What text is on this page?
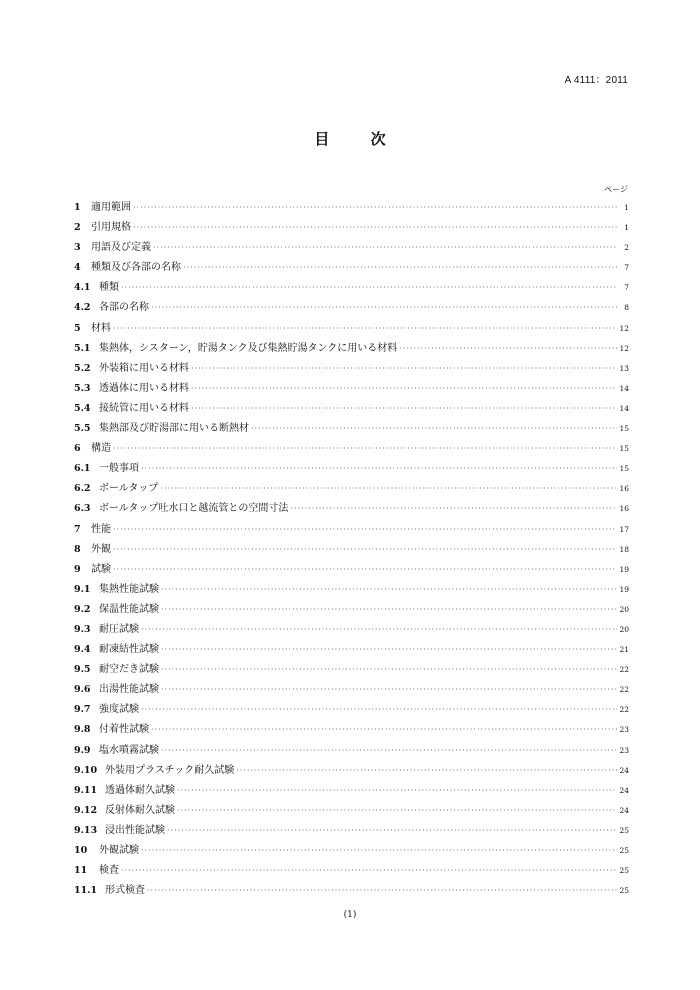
A 4111：2011
目 次
ページ
1	適用範囲 ·····	1
2	引用規格 ·····	1
3	用語及び定義 ·····	2
4	種類及び各部の名称 ·····	7
4.1 種類 ·····	7
4.2 各部の名称 ·····	8
5	材料 ·····	12
5.1 集熱体，シスターン，貯湯タンク及び集熱貯湯タンクに用いる材料 ·····	12
5.2 外装箱に用いる材料 ·····	13
5.3 透過体に用いる材料 ·····	14
5.4 接続管に用いる材料 ·····	14
5.5 集熱部及び貯湯部に用いる断熱材 ·····	15
6	構造 ·····	15
6.1 一般事項 ·····	15
6.2 ボールタップ ·····	16
6.3 ボールタップ吐水口と越流管との空間寸法 ·····	16
7	性能 ·····	17
8	外観 ·····	18
9	試験 ·····	19
9.1 集熱性能試験 ·····	19
9.2 保温性能試験 ·····	20
9.3 耐圧試験 ·····	20
9.4 耐凍結性試験 ·····	21
9.5 耐空だき試験 ·····	22
9.6 出湯性能試験 ·····	22
9.7 強度試験 ·····	22
9.8 付着性試験 ·····	23
9.9 塩水噴霧試験 ·····	23
9.10 外装用プラスチック耐久試験 ·····	24
9.11 透過体耐久試験 ·····	24
9.12 反射体耐久試験 ·····	24
9.13 浸出性能試験 ·····	25
10	外観試験 ·····	25
11	検査 ·····	25
11.1 形式検査 ·····	25
(1)
